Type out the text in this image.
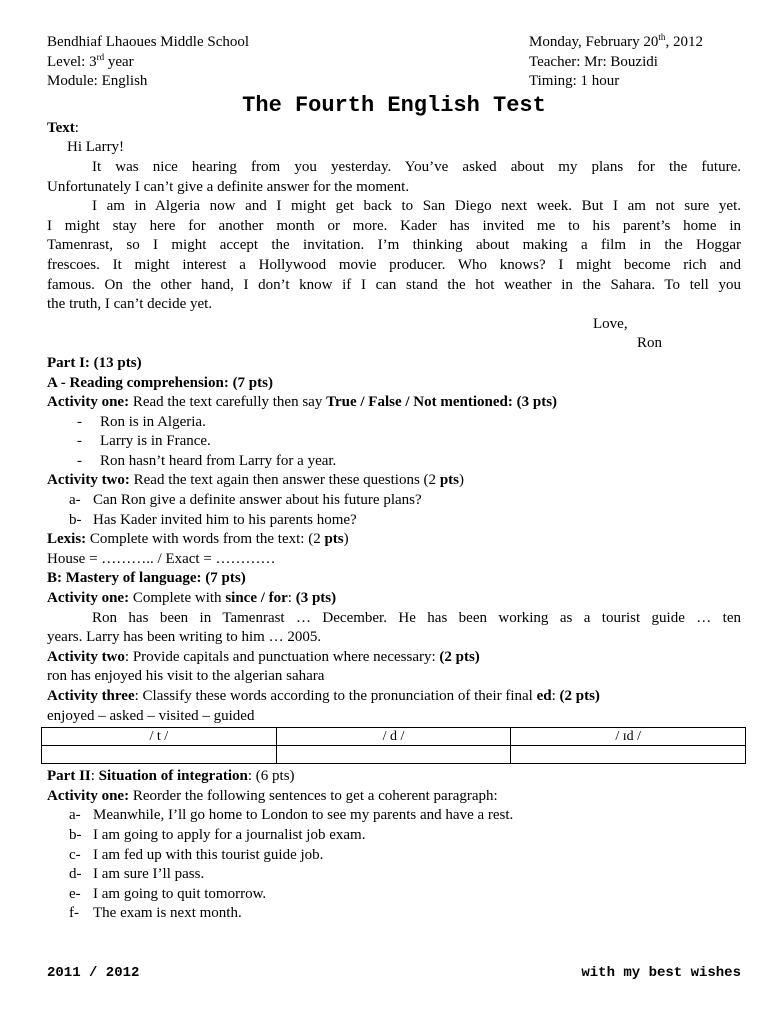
Bendhiaf Lhaoues Middle School	Monday, February 20th, 2012
Level: 3rd year	Teacher: Mr: Bouzidi
Module: English	Timing: 1 hour
The Fourth English Test
Text:
Hi Larry!
It was nice hearing from you yesterday. You’ve asked about my plans for the future.
Unfortunately I can’t give a definite answer for the moment.
I am in Algeria now and I might get back to San Diego next week. But I am not sure yet.
I might stay here for another month or more. Kader has invited me to his parent’s home in
Tamenrast, so I might accept the invitation. I’m thinking about making a film in the Hoggar
frescoes. It might interest a Hollywood movie producer. Who knows? I might become rich and
famous. On the other hand, I don’t know if I can stand the hot weather in the Sahara. To tell you
the truth, I can’t decide yet.
Love,
Ron
Part I: (13 pts)
A - Reading comprehension: (7 pts)
Activity one: Read the text carefully then say True / False / Not mentioned: (3 pts)
- Ron is in Algeria.
- Larry is in France.
- Ron hasn’t heard from Larry for a year.
Activity two: Read the text again then answer these questions (2 pts)
a- Can Ron give a definite answer about his future plans?
b- Has Kader invited him to his parents home?
Lexis: Complete with words from the text: (2 pts)
House = ……….. / Exact = …………
B: Mastery of language: (7 pts)
Activity one: Complete with since / for: (3 pts)
Ron has been in Tamenrast … December. He has been working as a tourist guide … ten
years. Larry has been writing to him … 2005.
Activity two: Provide capitals and punctuation where necessary: (2 pts)
ron has enjoyed his visit to the algerian sahara
Activity three: Classify these words according to the pronunciation of their final ed: (2 pts)
enjoyed – asked – visited – guided
/ t /	/ d /	/ ɪd /

Part II: Situation of integration: (6 pts)
Activity one: Reorder the following sentences to get a coherent paragraph:
a- Meanwhile, I’ll go home to London to see my parents and have a rest.
b- I am going to apply for a journalist job exam.
c- I am fed up with this tourist guide job.
d- I am sure I’ll pass.
e- I am going to quit tomorrow.
f- The exam is next month.
2011 / 2012	with my best wishes
